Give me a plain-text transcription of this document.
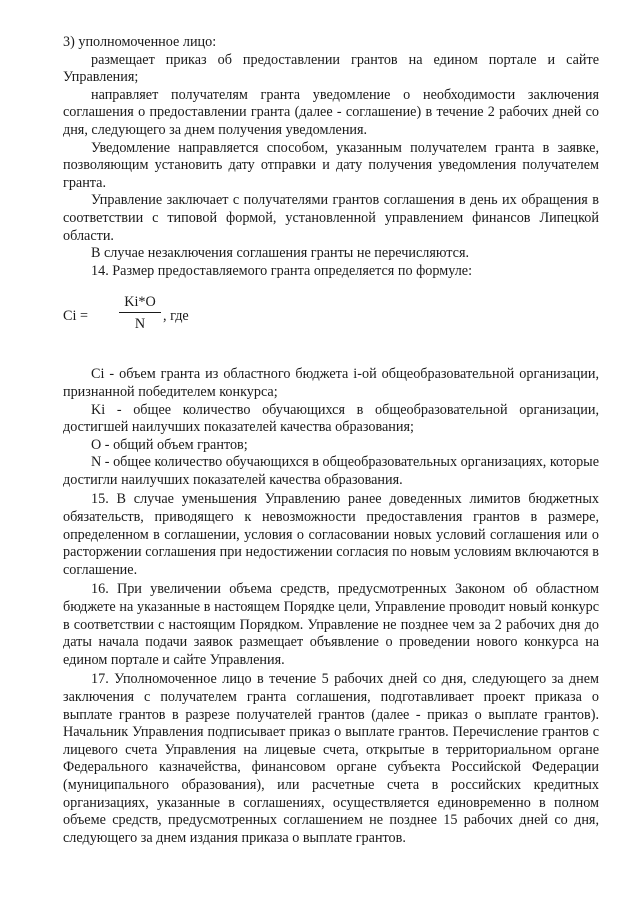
3) уполномоченное лицо:

размещает приказ об предоставлении грантов на едином портале и сайте Управления;

направляет получателям гранта уведомление о необходимости заключения соглашения о предоставлении гранта (далее - соглашение) в течение 2 рабочих дней со дня, следующего за днем получения уведомления.

Уведомление направляется способом, указанным получателем гранта в заявке, позволяющим установить дату отправки и дату получения уведомления получателем гранта.

Управление заключает с получателями грантов соглашения в день их обращения в соответствии с типовой формой, установленной управлением финансов Липецкой области.

В случае незаключения соглашения гранты не перечисляются.

14. Размер предоставляемого гранта определяется по формуле:

Ci =
Ki*O
N	, где

Ci - объем гранта из областного бюджета i-ой общеобразовательной организации, признанной победителем конкурса;

Ki - общее количество обучающихся в общеобразовательной организации, достигшей наилучших показателей качества образования;

O - общий объем грантов;

N - общее количество обучающихся в общеобразовательных организациях, которые достигли наилучших показателей качества образования.

15. В случае уменьшения Управлению ранее доведенных лимитов бюджетных обязательств, приводящего к невозможности предоставления грантов в размере, определенном в соглашении, условия о согласовании новых условий соглашения или о расторжении соглашения при недостижении согласия по новым условиям включаются в соглашение.

16. При увеличении объема средств, предусмотренных Законом об областном бюджете на указанные в настоящем Порядке цели, Управление проводит новый конкурс в соответствии с настоящим Порядком. Управление не позднее чем за 2 рабочих дня до даты начала подачи заявок размещает объявление о проведении нового конкурса на едином портале и сайте Управления.

17. Уполномоченное лицо в течение 5 рабочих дней со дня, следующего за днем заключения с получателем гранта соглашения, подготавливает проект приказа о выплате грантов в разрезе получателей грантов (далее - приказ о выплате грантов). Начальник Управления подписывает приказ о выплате грантов. Перечисление грантов с лицевого счета Управления на лицевые счета, открытые в территориальном органе Федерального казначейства, финансовом органе субъекта Российской Федерации (муниципального образования), или расчетные счета в российских кредитных организациях, указанные в соглашениях, осуществляется единовременно в полном объеме средств, предусмотренных соглашением не позднее 15 рабочих дней со дня, следующего за днем издания приказа о выплате грантов.
